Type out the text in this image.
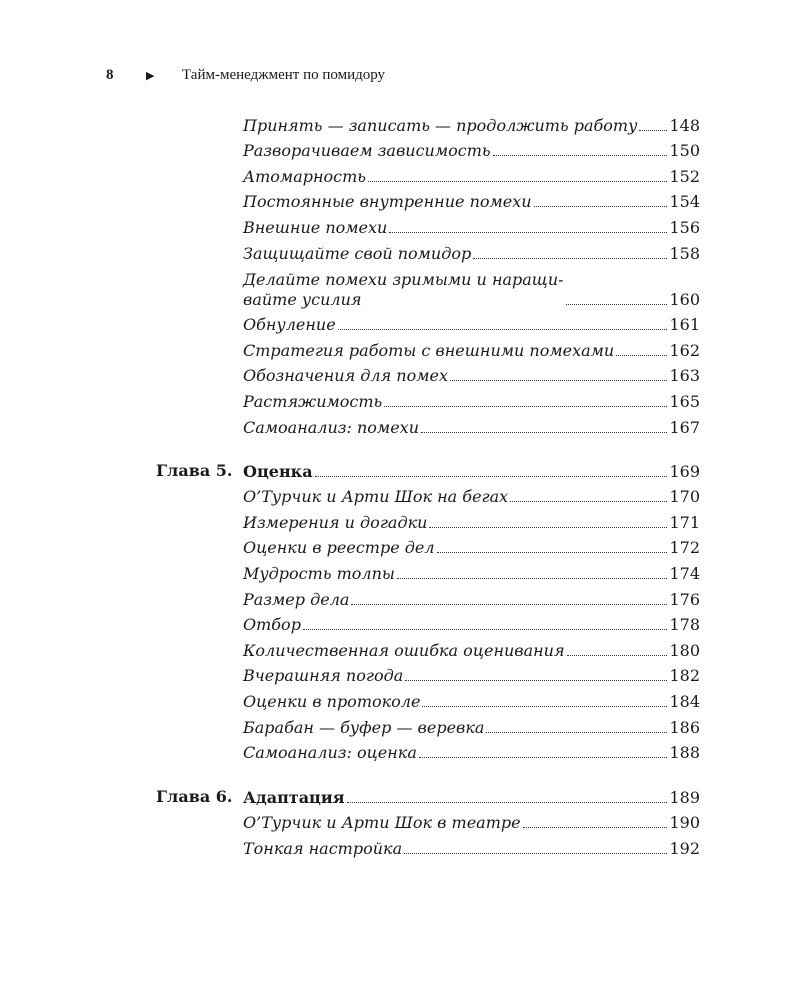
8	▶	Тайм-менеджмент по помидору
Принять — записать — продолжить работу 148
Разворачиваем зависимость	150
Атомарность	152
Постоянные внутренние помехи	154
Внешние помехи	156
Защищайте свой помидор	158
Делайте помехи зримыми и наращи-
вайте усилия	160
Обнуление	161
Стратегия работы с внешними помехами	162
Обозначения для помех	163
Растяжимость	165
Самоанализ: помехи	167
Глава 5. Оценка	169
О’Турчик и Арти Шок на бегах	170
Измерения и догадки	171
Оценки в реестре дел	172
Мудрость толпы	174
Размер дела	176
Отбор	178
Количественная ошибка оценивания	180
Вчерашняя погода	182
Оценки в протоколе	184
Барабан — буфер — веревка	186
Самоанализ: оценка	188
Глава 6. Адаптация	189
О’Турчик и Арти Шок в театре	190
Тонкая настройка	192
